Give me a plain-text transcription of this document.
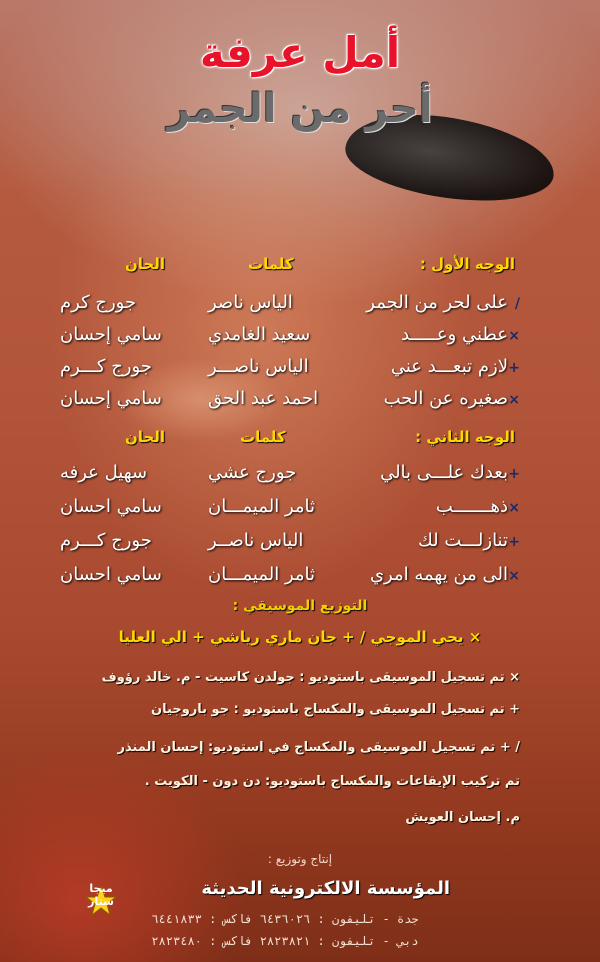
أمل عرفة
أحر من الجمر
الوجه الأول :
كلمات
الحان
/
على لحر من الجمر
الياس ناصر
جورج كرم
×
عطني وعـــــد
سعيد الغامدي
سامي إحسان
+
لازم تبعـــد عني
الياس ناصـــر
جورج كـــرم
×
صغيره عن الحب
احمد عبد الحق
سامي إحسان
الوجه الثاني :
كلمات
الحان
+
بعدك علـــى بالي
جورج عشي
سهيل عرفه
×
ذهـــــــب
ثامر الميمـــان
سامي احسان
+
تنازلـــت لك
الياس ناصــر
جورج كـــرم
×
الى من يهمه امري
ثامر الميمـــان
سامي احسان
التوزيع الموسيقي :
× يحي الموجي / + جان ماري رياشي + الي العليا
× تم تسجيل الموسيقى باستوديو : جولدن كاسيت - م. خالد رؤوف
+ تم تسجيل الموسيقى والمكساج باستوديو : جو باروجيان
/ + تم تسجيل الموسيقى والمكساج في استوديو: إحسان المنذر
تم تركيب الإيقاعات والمكساج باستوديو: دن دون - الكويت .
م. إحسان العويش
إنتاج وتوزيع :
المؤسسة الالكترونية الحديثة
ميجا ستار
جدة - تليفون : ٦٤٣٦٠٢٦ فاكس : ٦٤٤١٨٣٣
دبي - تليفون : ٢٨٢٣٨٢١ فاكس : ٢٨٢٣٤٨٠
